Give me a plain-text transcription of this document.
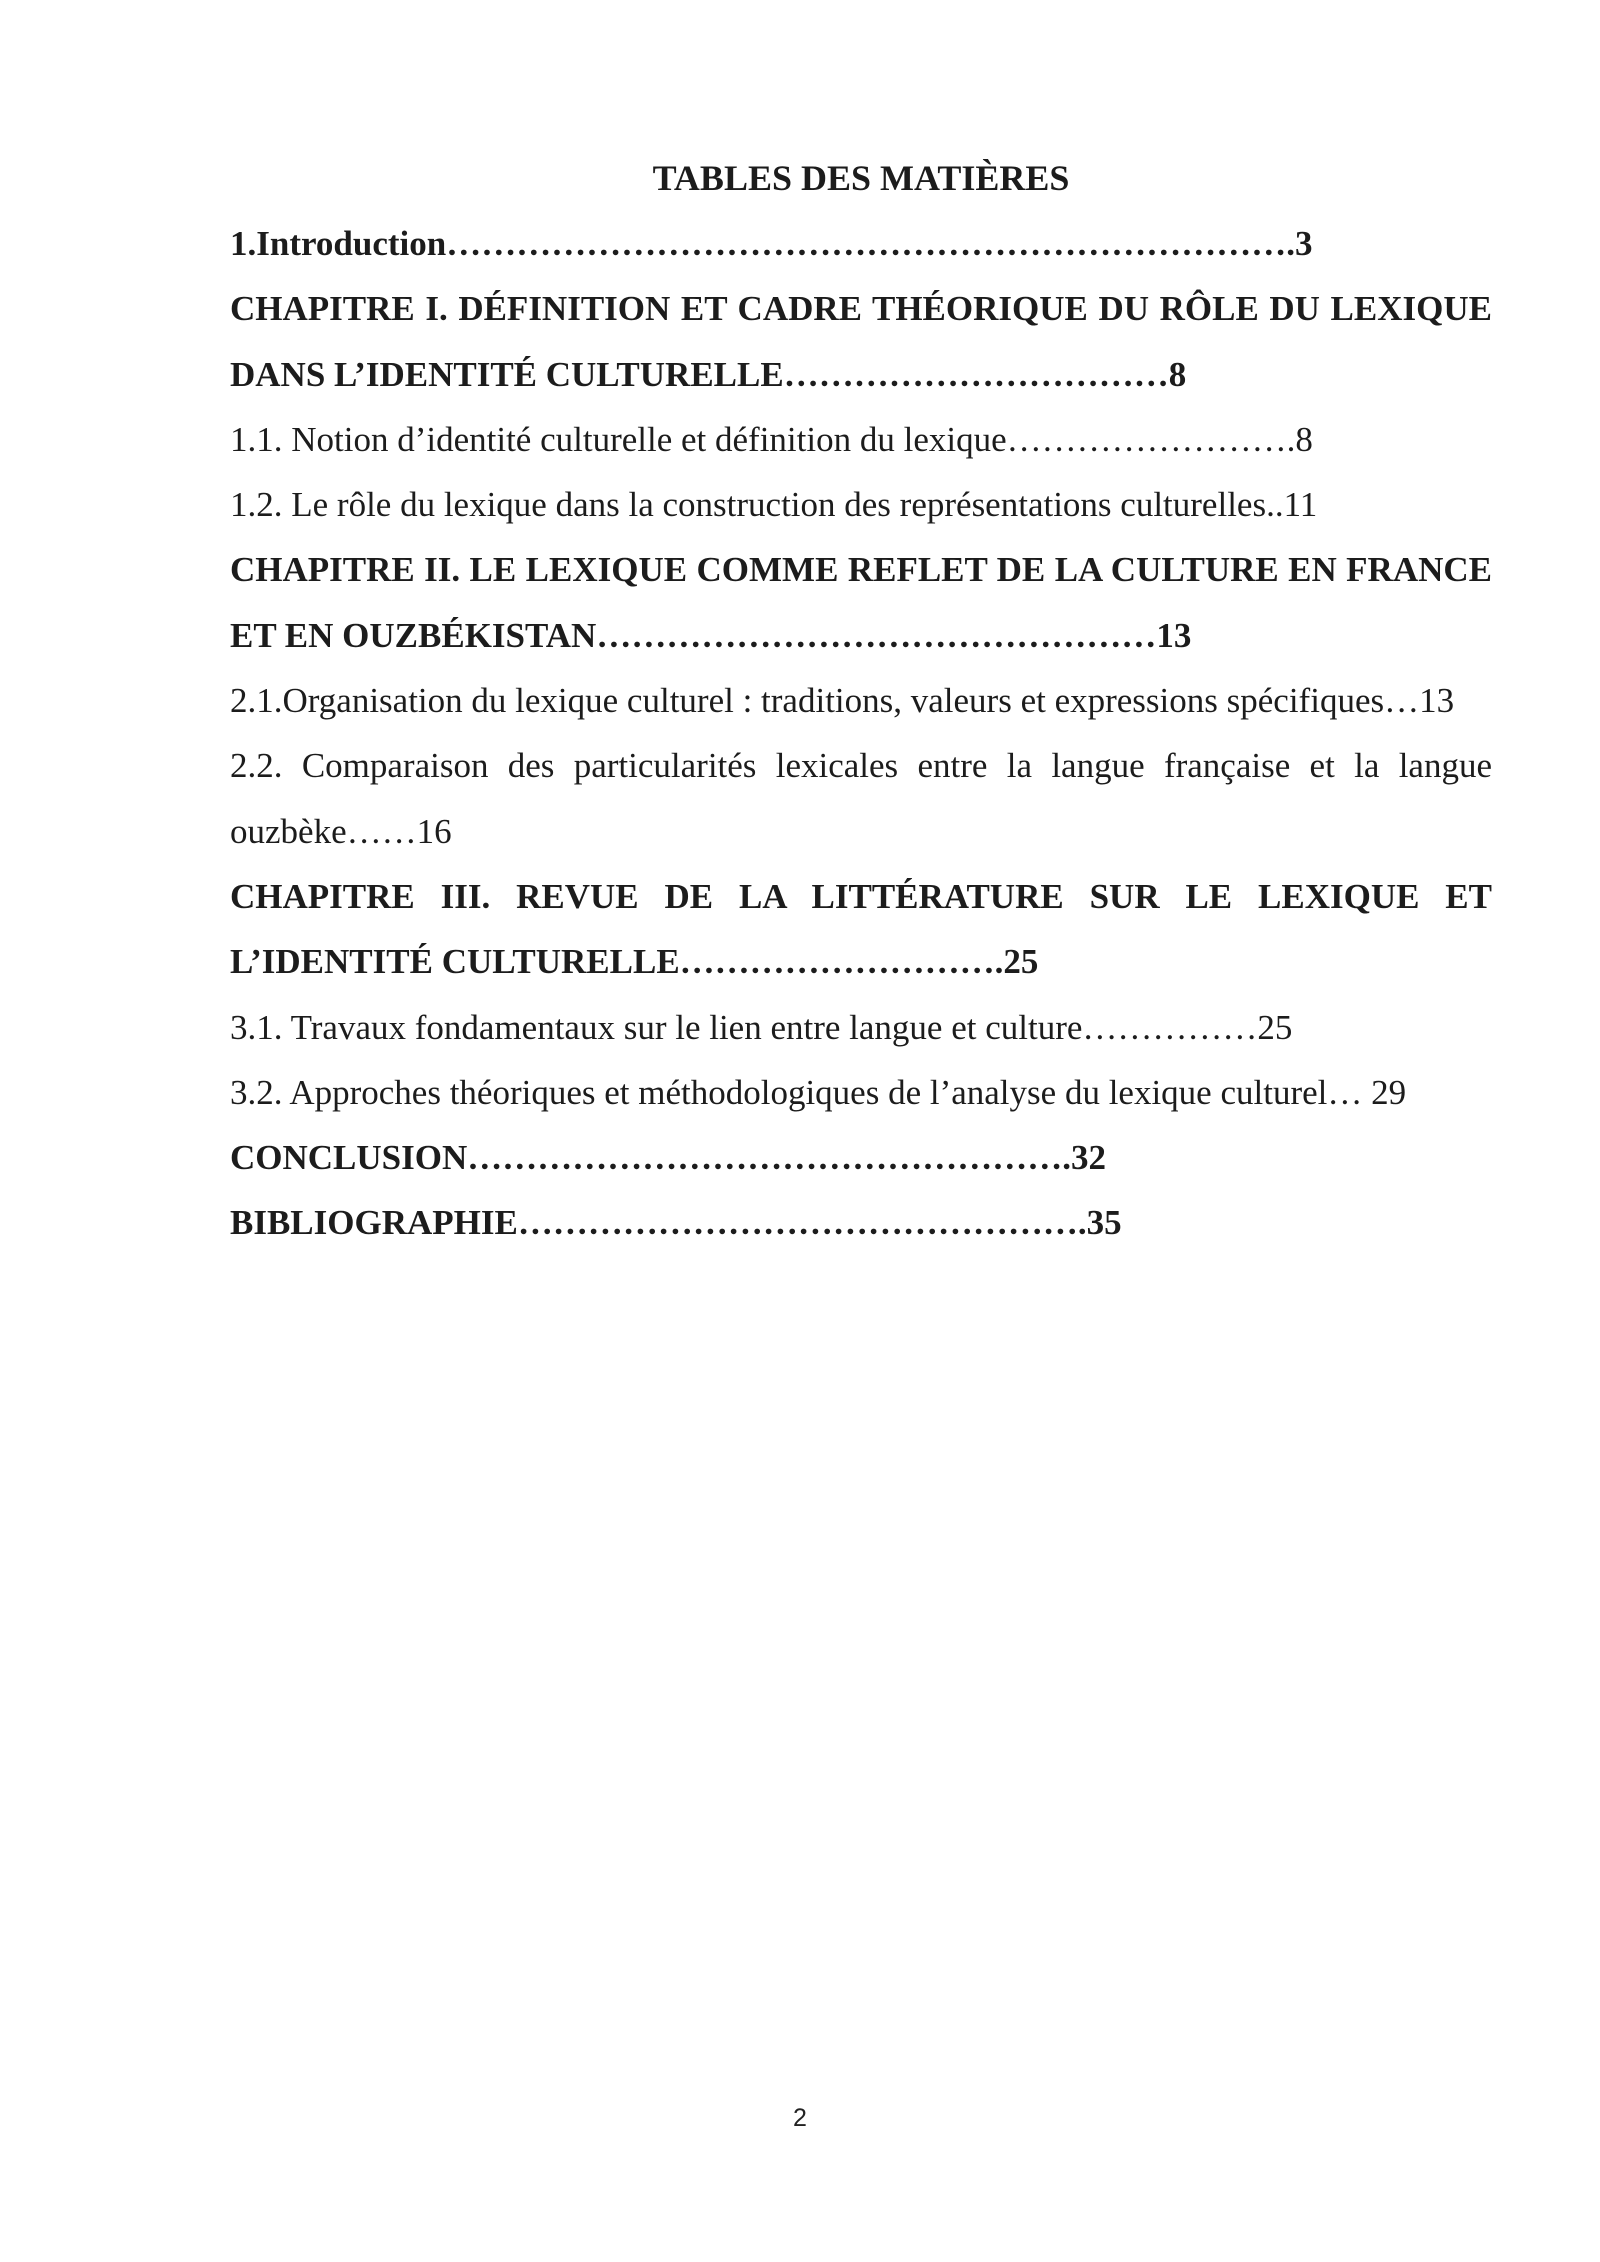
TABLES DES MATIÈRES
1.Introduction……………………………………………………………….3
CHAPITRE I. DÉFINITION ET CADRE THÉORIQUE DU RÔLE DU LEXIQUE DANS L’IDENTITÉ CULTURELLE……………………………8
1.1. Notion d’identité culturelle et définition du lexique…………………….8
1.2. Le rôle du lexique dans la construction des représentations culturelles..11
CHAPITRE II. LE LEXIQUE COMME REFLET DE LA CULTURE EN FRANCE ET EN OUZBÉKISTAN…………………………………………13
2.1.Organisation du lexique culturel : traditions, valeurs et expressions spécifiques…13
2.2. Comparaison des particularités lexicales entre la langue française et la langue ouzbèke……16
CHAPITRE III. REVUE DE LA LITTÉRATURE SUR LE LEXIQUE ET L’IDENTITÉ CULTURELLE……………………….25
3.1. Travaux fondamentaux sur le lien entre langue et culture……………25
3.2. Approches théoriques et méthodologiques de l’analyse du lexique culturel… 29
CONCLUSION…………………………………………….32
BIBLIOGRAPHIE………………………………………….35
2
